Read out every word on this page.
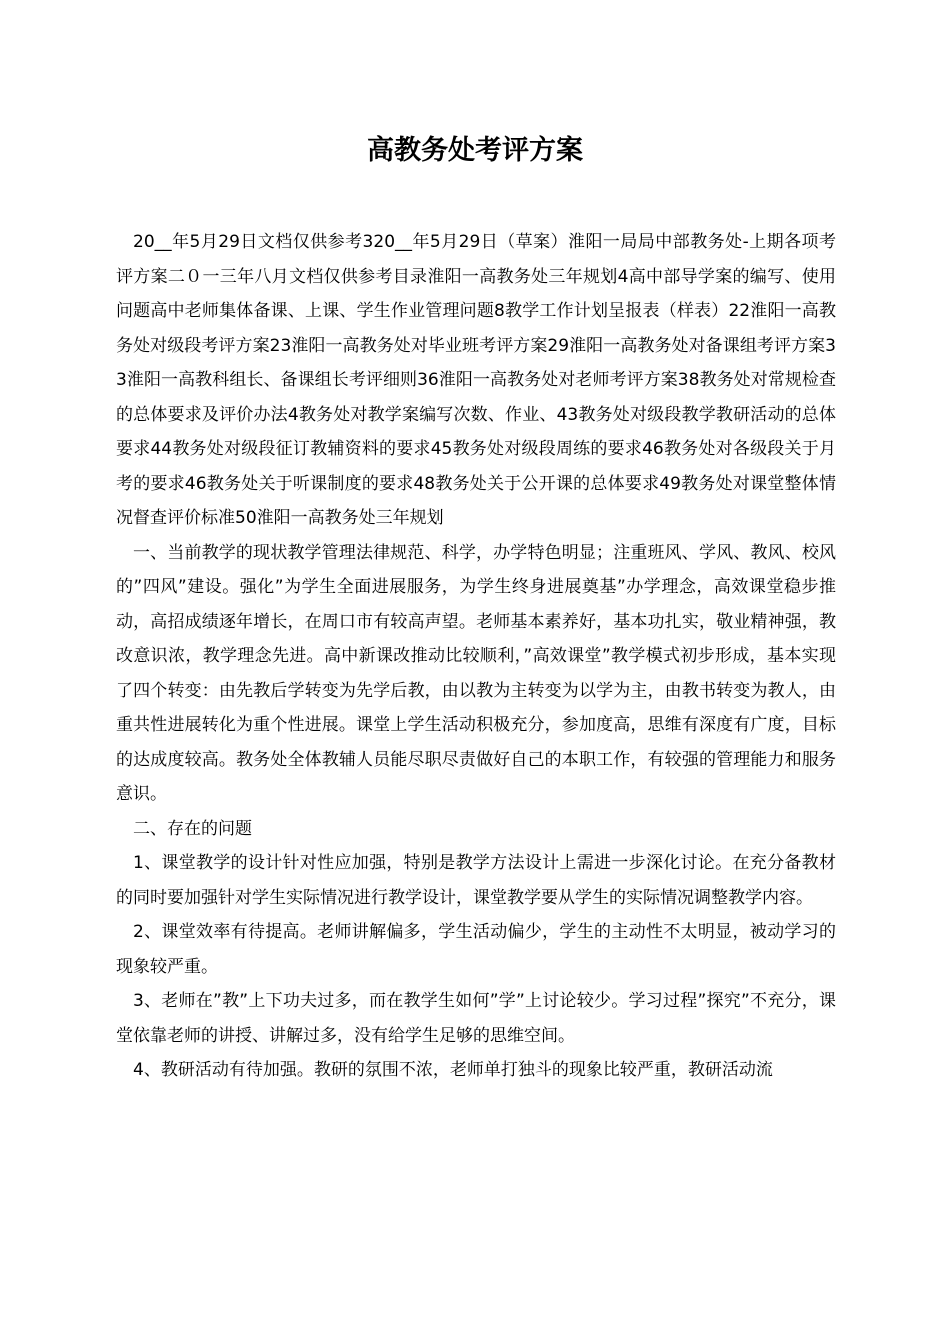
高教务处考评方案

20__年5月29日文档仅供参考320__年5月29日（草案）淮阳一局局中部教务处-上期各项考评方案二０一三年八月文档仅供参考目录淮阳一高教务处三年规划4高中部导学案的编写、使用问题高中老师集体备课、上课、学生作业管理问题8教学工作计划呈报表（样表）22淮阳一高教务处对级段考评方案23淮阳一高教务处对毕业班考评方案29淮阳一高教务处对备课组考评方案33淮阳一高教科组长、备课组长考评细则36淮阳一高教务处对老师考评方案38教务处对常规检查的总体要求及评价办法4教务处对教学案编写次数、作业、43教务处对级段教学教研活动的总体要求44教务处对级段征订教辅资料的要求45教务处对级段周练的要求46教务处对各级段关于月考的要求46教务处关于听课制度的要求48教务处关于公开课的总体要求49教务处对课堂整体情况督查评价标准50淮阳一高教务处三年规划

一、当前教学的现状教学管理法律规范、科学，办学特色明显；注重班风、学风、教风、校风的”四风”建设。强化”为学生全面进展服务，为学生终身进展奠基”办学理念，高效课堂稳步推动，高招成绩逐年增长，在周口市有较高声望。老师基本素养好，基本功扎实，敬业精神强，教改意识浓，教学理念先进。高中新课改推动比较顺利，”高效课堂”教学模式初步形成，基本实现了四个转变：由先教后学转变为先学后教，由以教为主转变为以学为主，由教书转变为教人，由重共性进展转化为重个性进展。课堂上学生活动积极充分，参加度高，思维有深度有广度，目标的达成度较高。教务处全体教辅人员能尽职尽责做好自己的本职工作，有较强的管理能力和服务意识。

二、存在的问题

1、课堂教学的设计针对性应加强，特别是教学方法设计上需进一步深化讨论。在充分备教材的同时要加强针对学生实际情况进行教学设计，课堂教学要从学生的实际情况调整教学内容。

2、课堂效率有待提高。老师讲解偏多，学生活动偏少，学生的主动性不太明显，被动学习的现象较严重。

3、老师在”教”上下功夫过多，而在教学生如何”学”上讨论较少。学习过程”探究”不充分，课堂依靠老师的讲授、讲解过多，没有给学生足够的思维空间。

4、教研活动有待加强。教研的氛围不浓，老师单打独斗的现象比较严重，教研活动流
